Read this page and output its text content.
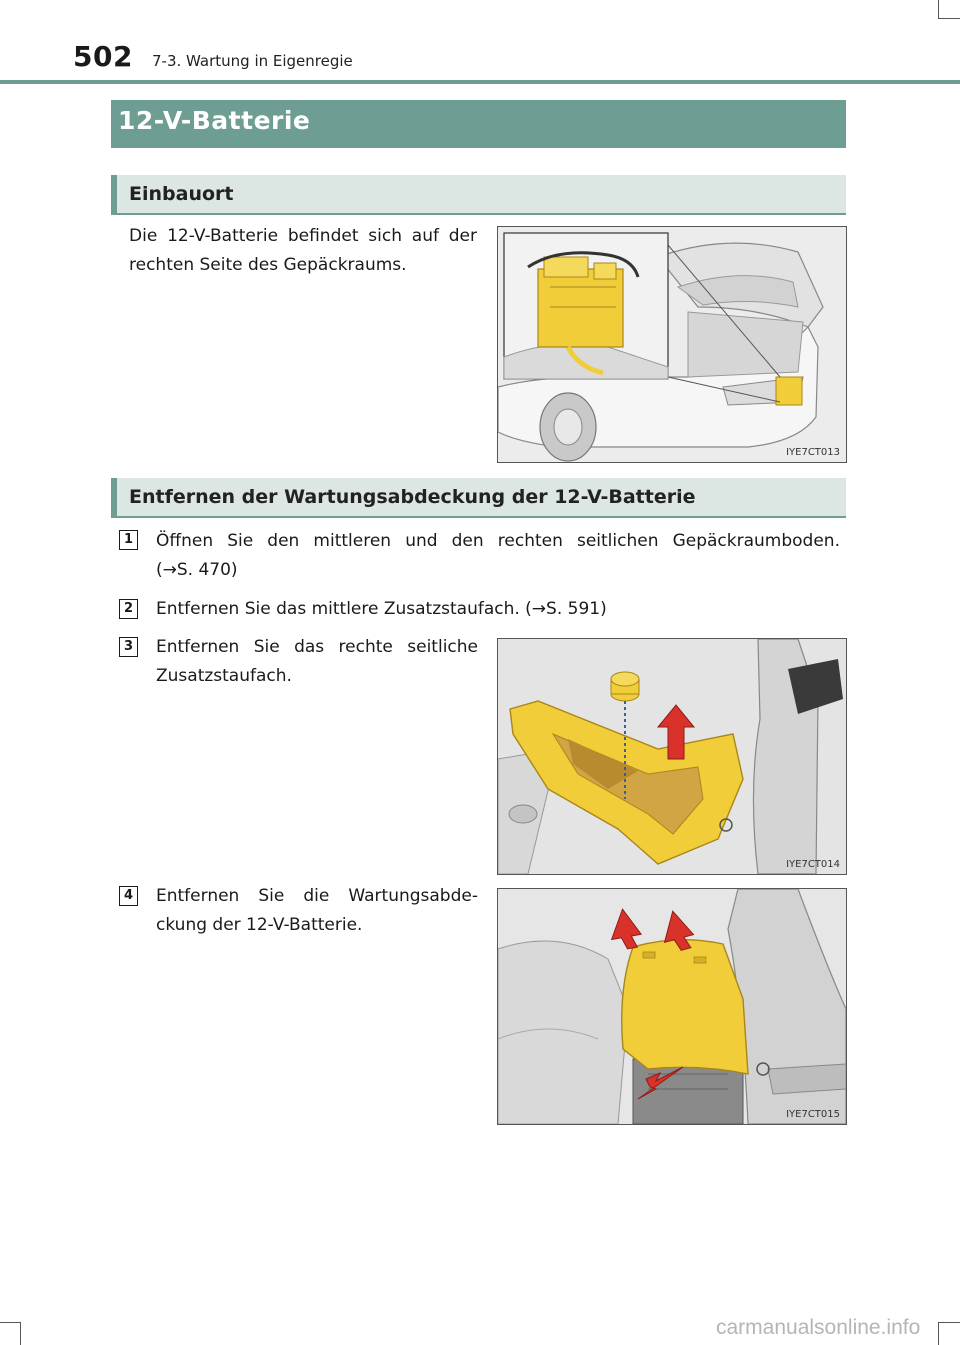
502 7-3. Wartung in Eigenregie
12-V-Batterie
Einbauort
Die 12-V-Batterie befindet sich auf der
rechten Seite des Gepäckraums.
IYE7CT013
Entfernen der Wartungsabdeckung der 12-V-Batterie
1 Öffnen Sie den mittleren und den rechten seitlichen Gepäckraumboden.
(→S. 470)
2 Entfernen Sie das mittlere Zusatzstaufach. (→S. 591)
3 Entfernen Sie das rechte seitliche
Zusatzstaufach.
IYE7CT014
4 Entfernen Sie die Wartungsabde-
ckung der 12-V-Batterie.
IYE7CT015
carmanualsonline.info
